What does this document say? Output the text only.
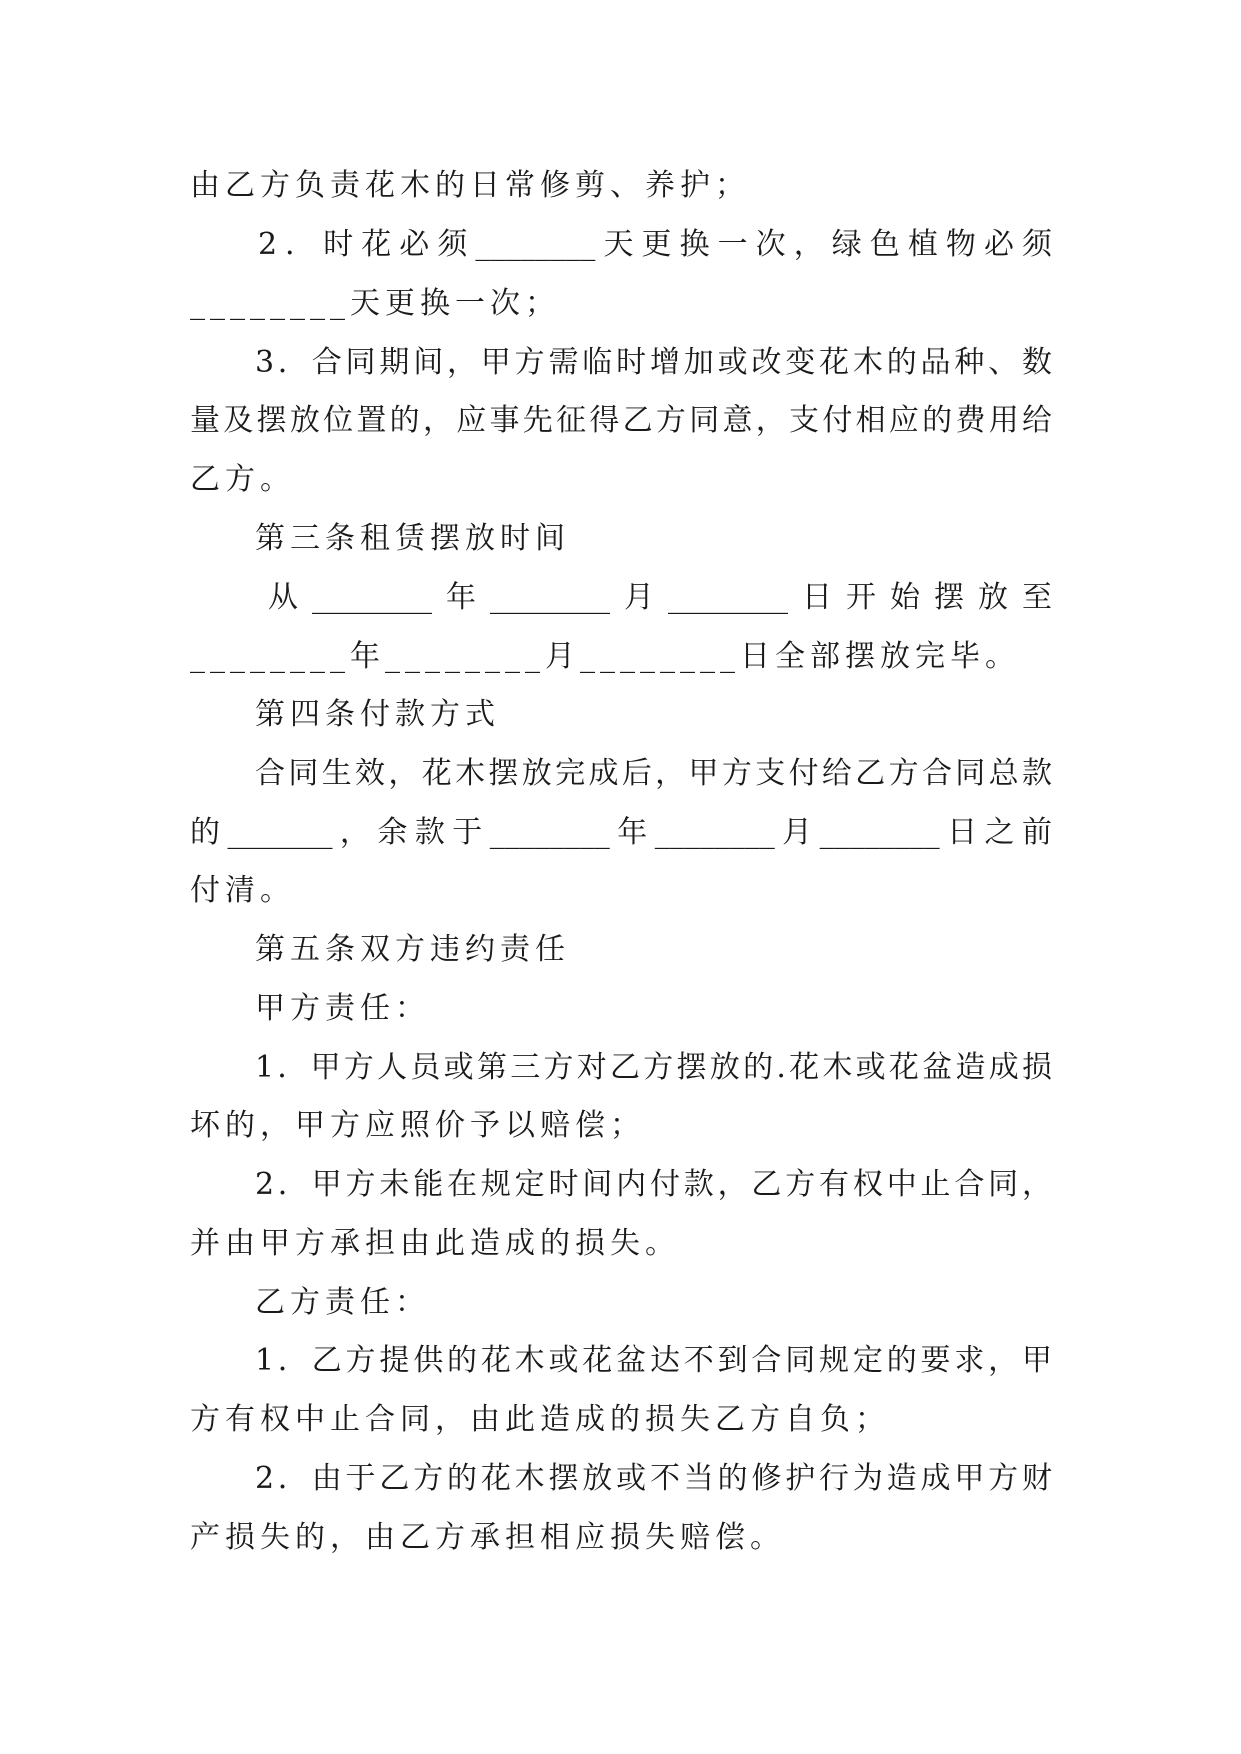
由乙方负责花木的日常修剪、养护；
2．时花必须________天更换一次，绿色植物必须
________天更换一次；
3．合同期间，甲方需临时增加或改变花木的品种、数
量及摆放位置的，应事先征得乙方同意，支付相应的费用给
乙方。
第三条租赁摆放时间
从________年________月________日开始摆放至
________年________月________日全部摆放完毕。
第四条付款方式
合同生效，花木摆放完成后，甲方支付给乙方合同总款
的_______，余款于________年________月________日之前
付清。
第五条双方违约责任
甲方责任：
1．甲方人员或第三方对乙方摆放的.花木或花盆造成损
坏的，甲方应照价予以赔偿；
2．甲方未能在规定时间内付款，乙方有权中止合同，
并由甲方承担由此造成的损失。
乙方责任：
1．乙方提供的花木或花盆达不到合同规定的要求，甲
方有权中止合同，由此造成的损失乙方自负；
2．由于乙方的花木摆放或不当的修护行为造成甲方财
产损失的，由乙方承担相应损失赔偿。
